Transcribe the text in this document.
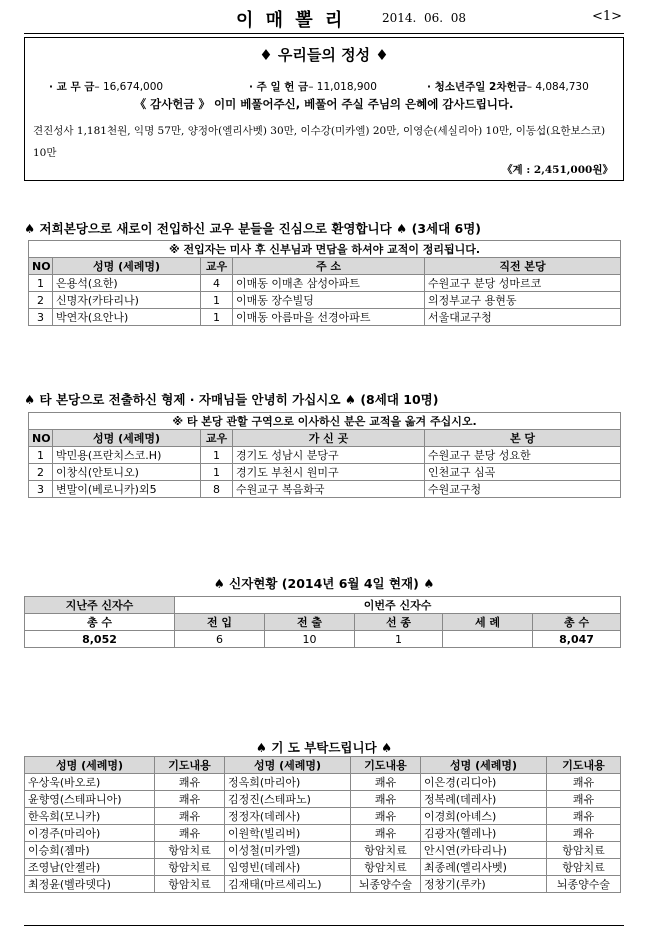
이 매 뽈 리	2014.  06.  08	<1>
♦ 우리들의 정성 ♦
· 교 무 금– 16,674,000	· 주 일 헌 금– 11,018,900	· 청소년주일 2차헌금– 4,084,730
《 감사헌금 》 이미 베풀어주신, 베풀어 주실 주님의 은혜에 감사드립니다.
견진성사 1,181천원, 익명 57만, 양정아(엘리사벳) 30만, 이수강(미카엘) 20만, 이영순(세실리아) 10만, 이동섭(요한보스코) 10만
《계 : 2,451,000원》
♠ 저희본당으로 새로이 전입하신 교우 분들을 진심으로 환영합니다 ♠ (3세대 6명)
※ 전입자는 미사 후 신부님과 면담을 하셔야 교적이 정리됩니다.				
NO	성명 (세례명)	교우	주 소	직전 본당
1	은용석(요한)	4	이매동 이매촌 삼성아파트	수원교구 분당 성마르코
2	신명자(카타리나)	1	이매동 장수빌딩	의정부교구 용현동
3	박연자(요안나)	1	이매동 아름마을 선경아파트	서울대교구청
♠ 타 본당으로 전출하신 형제 · 자매님들 안녕히 가십시오 ♠ (8세대 10명)
※ 타 본당 관할 구역으로 이사하신 분은 교적을 옮겨 주십시오.				
NO	성명 (세례명)	교우	가 신 곳	본 당
1	박민용(프란치스코.H)	1	경기도 성남시 분당구	수원교구 분당 성요한
2	이창식(안토니오)	1	경기도 부천시 원미구	인천교구 심곡
3	변말이(베로니카)외5	8	수원교구 복음화국	수원교구청
♠ 신자현황 (2014년 6월 4일 현재) ♠
지난주 신자수	이번주 신자수				
총 수	전 입	전 출	선 종	세 례	총 수
8,052	6	10	1		8,047
♠ 기 도 부탁드립니다 ♠
성명 (세례명)	기도내용	성명 (세례명)	기도내용	성명 (세례명)	기도내용
우상욱(바오로)	쾌유	정옥희(마리아)	쾌유	이은경(리디아)	쾌유
윤향영(스테파니아)	쾌유	김정진(스테파노)	쾌유	정복례(데레사)	쾌유
한옥희(모니카)	쾌유	정정자(데레사)	쾌유	이경희(아녜스)	쾌유
이경주(마리아)	쾌유	이원학(빌리버)	쾌유	김광자(헬레나)	쾌유
이승희(젬마)	항암치료	이성철(미카엘)	항암치료	안시연(카타리나)	항암치료
조영남(안젤라)	항암치료	임영빈(데레사)	항암치료	최종례(엘리사벳)	항암치료
최정윤(벨라뎃다)	항암치료	김재태(마르세리노)	뇌종양수술	정창기(루카)	뇌종양수술
